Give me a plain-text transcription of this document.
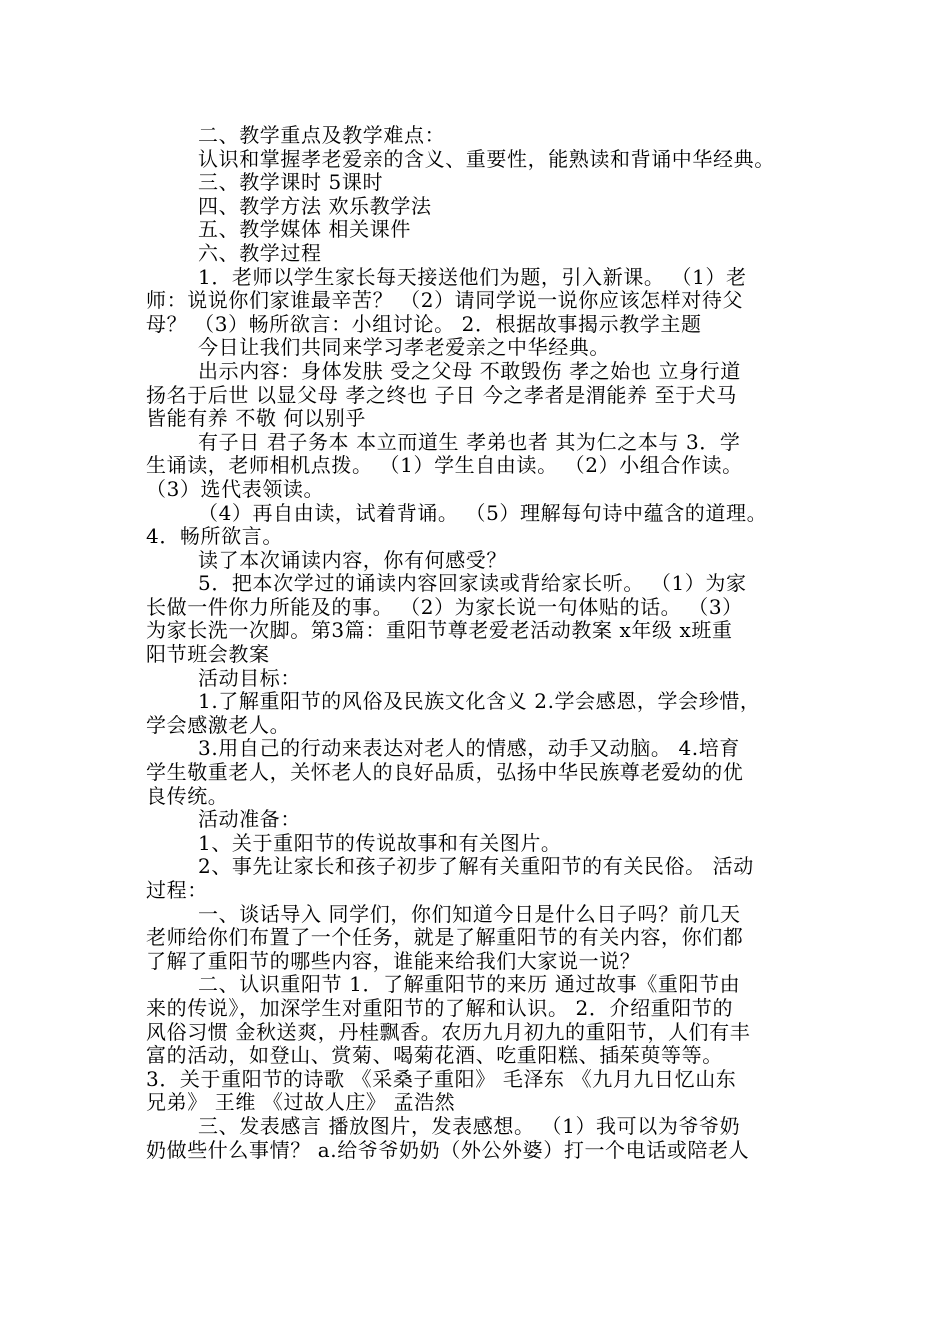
二、教学重点及教学难点：
认识和掌握孝老爱亲的含义、重要性，能熟读和背诵中华经典。
三、教学课时 5课时
四、教学方法 欢乐教学法
五、教学媒体 相关课件
六、教学过程
1．老师以学生家长每天接送他们为题，引入新课。 （1）老
师：说说你们家谁最辛苦？ （2）请同学说一说你应该怎样对待父
母？ （3）畅所欲言：小组讨论。 2．根据故事揭示教学主题
今日让我们共同来学习孝老爱亲之中华经典。
出示内容：身体发肤 受之父母 不敢毁伤 孝之始也 立身行道
扬名于后世 以显父母 孝之终也 子日 今之孝者是渭能养 至于犬马
皆能有养 不敬 何以别乎
有子日 君子务本 本立而道生 孝弟也者 其为仁之本与 3．学
生诵读，老师相机点拨。 （1）学生自由读。 （2）小组合作读。
（3）选代表领读。
（4）再自由读，试着背诵。 （5）理解每句诗中蕴含的道理。
4．畅所欲言。
读了本次诵读内容，你有何感受？
5．把本次学过的诵读内容回家读或背给家长听。 （1）为家
长做一件你力所能及的事。 （2）为家长说一句体贴的话。 （3）
为家长洗一次脚。第3篇：重阳节尊老爱老活动教案 x年级 x班重
阳节班会教案
活动目标：
1.了解重阳节的风俗及民族文化含义 2.学会感恩，学会珍惜，
学会感激老人。
3.用自己的行动来表达对老人的情感，动手又动脑。 4.培育
学生敬重老人，关怀老人的良好品质，弘扬中华民族尊老爱幼的优
良传统。
活动准备：
1、关于重阳节的传说故事和有关图片。
2、事先让家长和孩子初步了解有关重阳节的有关民俗。 活动
过程：
一、谈话导入 同学们，你们知道今日是什么日子吗？前几天
老师给你们布置了一个任务，就是了解重阳节的有关内容，你们都
了解了重阳节的哪些内容，谁能来给我们大家说一说？
二、认识重阳节 1．了解重阳节的来历 通过故事《重阳节由
来的传说》，加深学生对重阳节的了解和认识。 2．介绍重阳节的
风俗习惯 金秋送爽，丹桂飘香。农历九月初九的重阳节，人们有丰
富的活动，如登山、赏菊、喝菊花酒、吃重阳糕、插茱萸等等。
3．关于重阳节的诗歌 《采桑子重阳》 毛泽东 《九月九日忆山东
兄弟》 王维 《过故人庄》 孟浩然
三、发表感言 播放图片，发表感想。 （1）我可以为爷爷奶
奶做些什么事情？ a.给爷爷奶奶（外公外婆）打一个电话或陪老人
